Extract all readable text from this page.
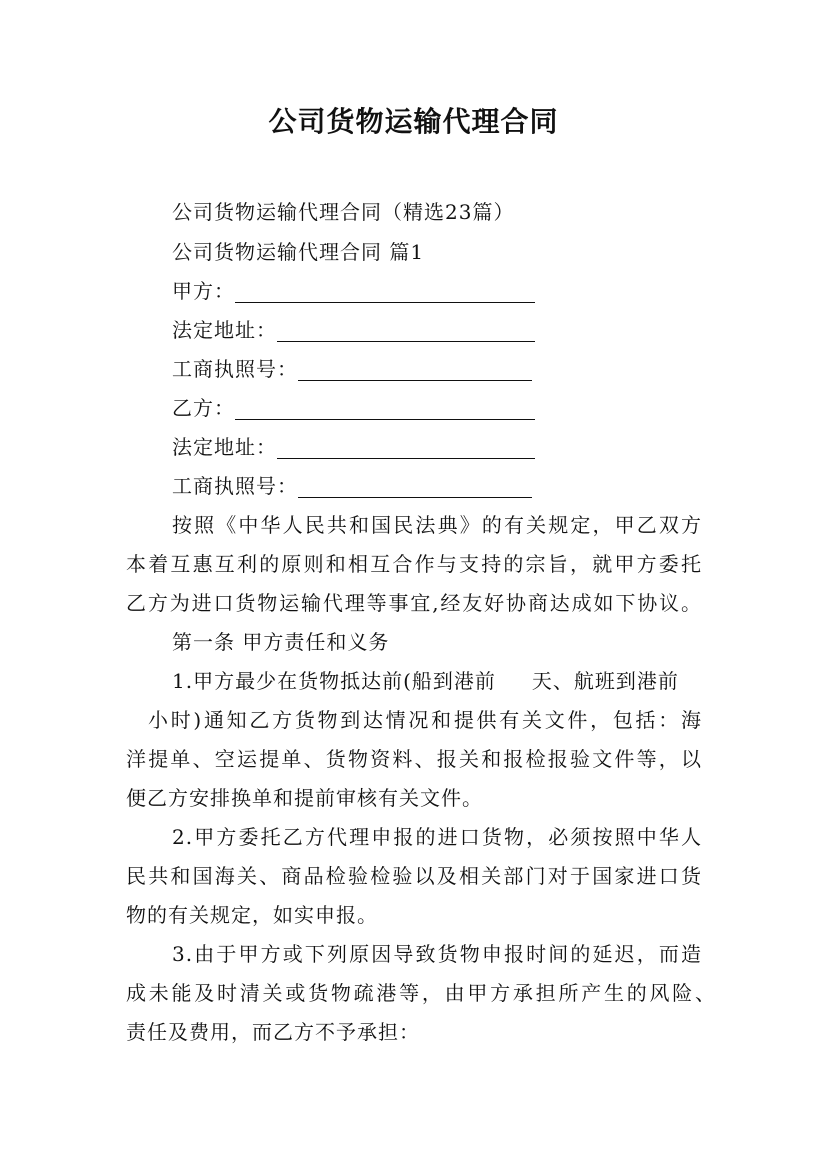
公司货物运输代理合同
公司货物运输代理合同（精选23篇）
公司货物运输代理合同 篇1
甲方：
法定地址：
工商执照号：
乙方：
法定地址：
工商执照号：
按照《中华人民共和国民法典》的有关规定，甲乙双方
本着互惠互利的原则和相互合作与支持的宗旨，就甲方委托
乙方为进口货物运输代理等事宜,经友好协商达成如下协议。
第一条 甲方责任和义务
1.甲方最少在货物抵达前(船到港前 天、航班到港前
小时)通知乙方货物到达情况和提供有关文件，包括：海
洋提单、空运提单、货物资料、报关和报检报验文件等，以
便乙方安排换单和提前审核有关文件。
2.甲方委托乙方代理申报的进口货物，必须按照中华人
民共和国海关、商品检验检验以及相关部门对于国家进口货
物的有关规定，如实申报。
3.由于甲方或下列原因导致货物申报时间的延迟，而造
成未能及时清关或货物疏港等，由甲方承担所产生的风险、
责任及费用，而乙方不予承担：
